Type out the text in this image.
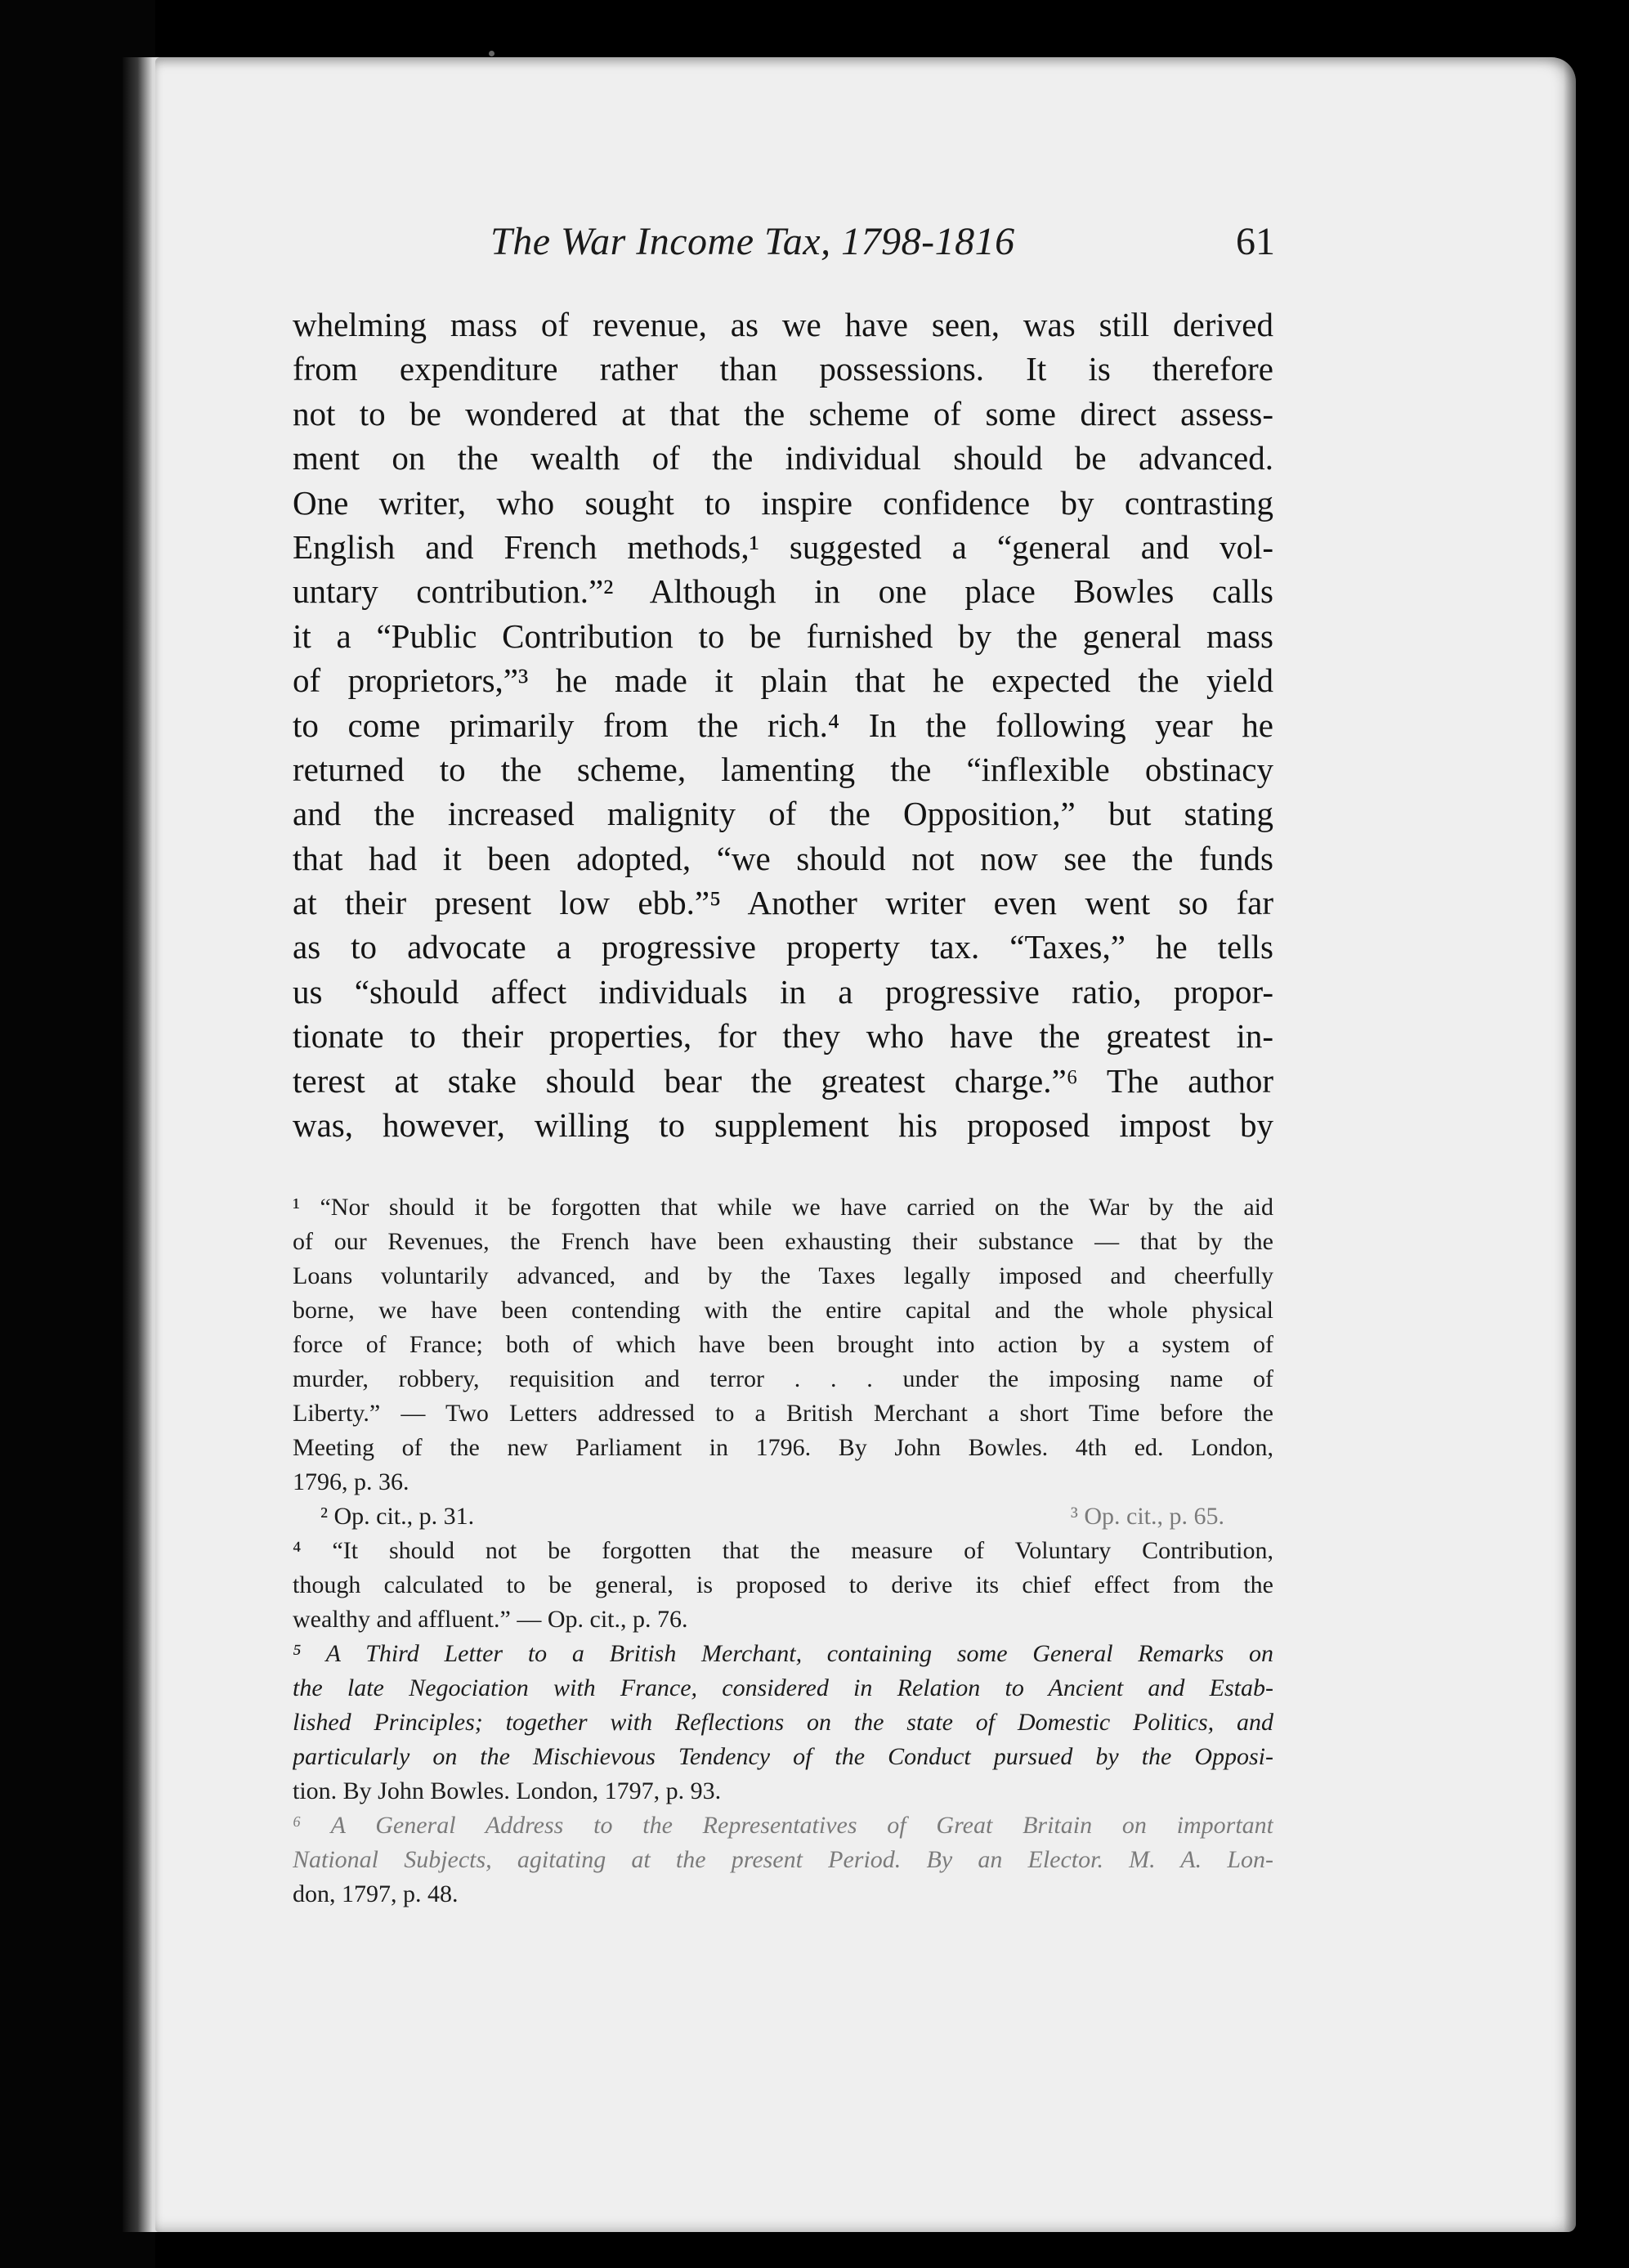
The War Income Tax, 1798-1816	61
whelming mass of revenue, as we have seen, was still derived
from expenditure rather than possessions. It is therefore
not to be wondered at that the scheme of some direct assess-
ment on the wealth of the individual should be advanced.
One writer, who sought to inspire confidence by contrasting
English and French methods,¹ suggested a “general and vol-
untary contribution.”² Although in one place Bowles calls
it a “Public Contribution to be furnished by the general mass
of proprietors,”³ he made it plain that he expected the yield
to come primarily from the rich.⁴ In the following year he
returned to the scheme, lamenting the “inflexible obstinacy
and the increased malignity of the Opposition,” but stating
that had it been adopted, “we should not now see the funds
at their present low ebb.”⁵ Another writer even went so far
as to advocate a progressive property tax. “Taxes,” he tells
us “should affect individuals in a progressive ratio, propor-
tionate to their properties, for they who have the greatest in-
terest at stake should bear the greatest charge.”⁶ The author
was, however, willing to supplement his proposed impost by
¹ “Nor should it be forgotten that while we have carried on the War by the aid
of our Revenues, the French have been exhausting their substance — that by the
Loans voluntarily advanced, and by the Taxes legally imposed and cheerfully
borne, we have been contending with the entire capital and the whole physical
force of France; both of which have been brought into action by a system of
murder, robbery, requisition and terror . . . under the imposing name of
Liberty.” — Two Letters addressed to a British Merchant a short Time before the
Meeting of the new Parliament in 1796. By John Bowles. 4th ed. London,
1796, p. 36.
² Op. cit., p. 31.	³ Op. cit., p. 65.
⁴ “It should not be forgotten that the measure of Voluntary Contribution,
though calculated to be general, is proposed to derive its chief effect from the
wealthy and affluent.” — Op. cit., p. 76.
⁵ A Third Letter to a British Merchant, containing some General Remarks on
the late Negociation with France, considered in Relation to Ancient and Estab-
lished Principles; together with Reflections on the state of Domestic Politics, and
particularly on the Mischievous Tendency of the Conduct pursued by the Opposi-
tion. By John Bowles. London, 1797, p. 93.
⁶ A General Address to the Representatives of Great Britain on important
National Subjects, agitating at the present Period. By an Elector. M. A. Lon-
don, 1797, p. 48.
